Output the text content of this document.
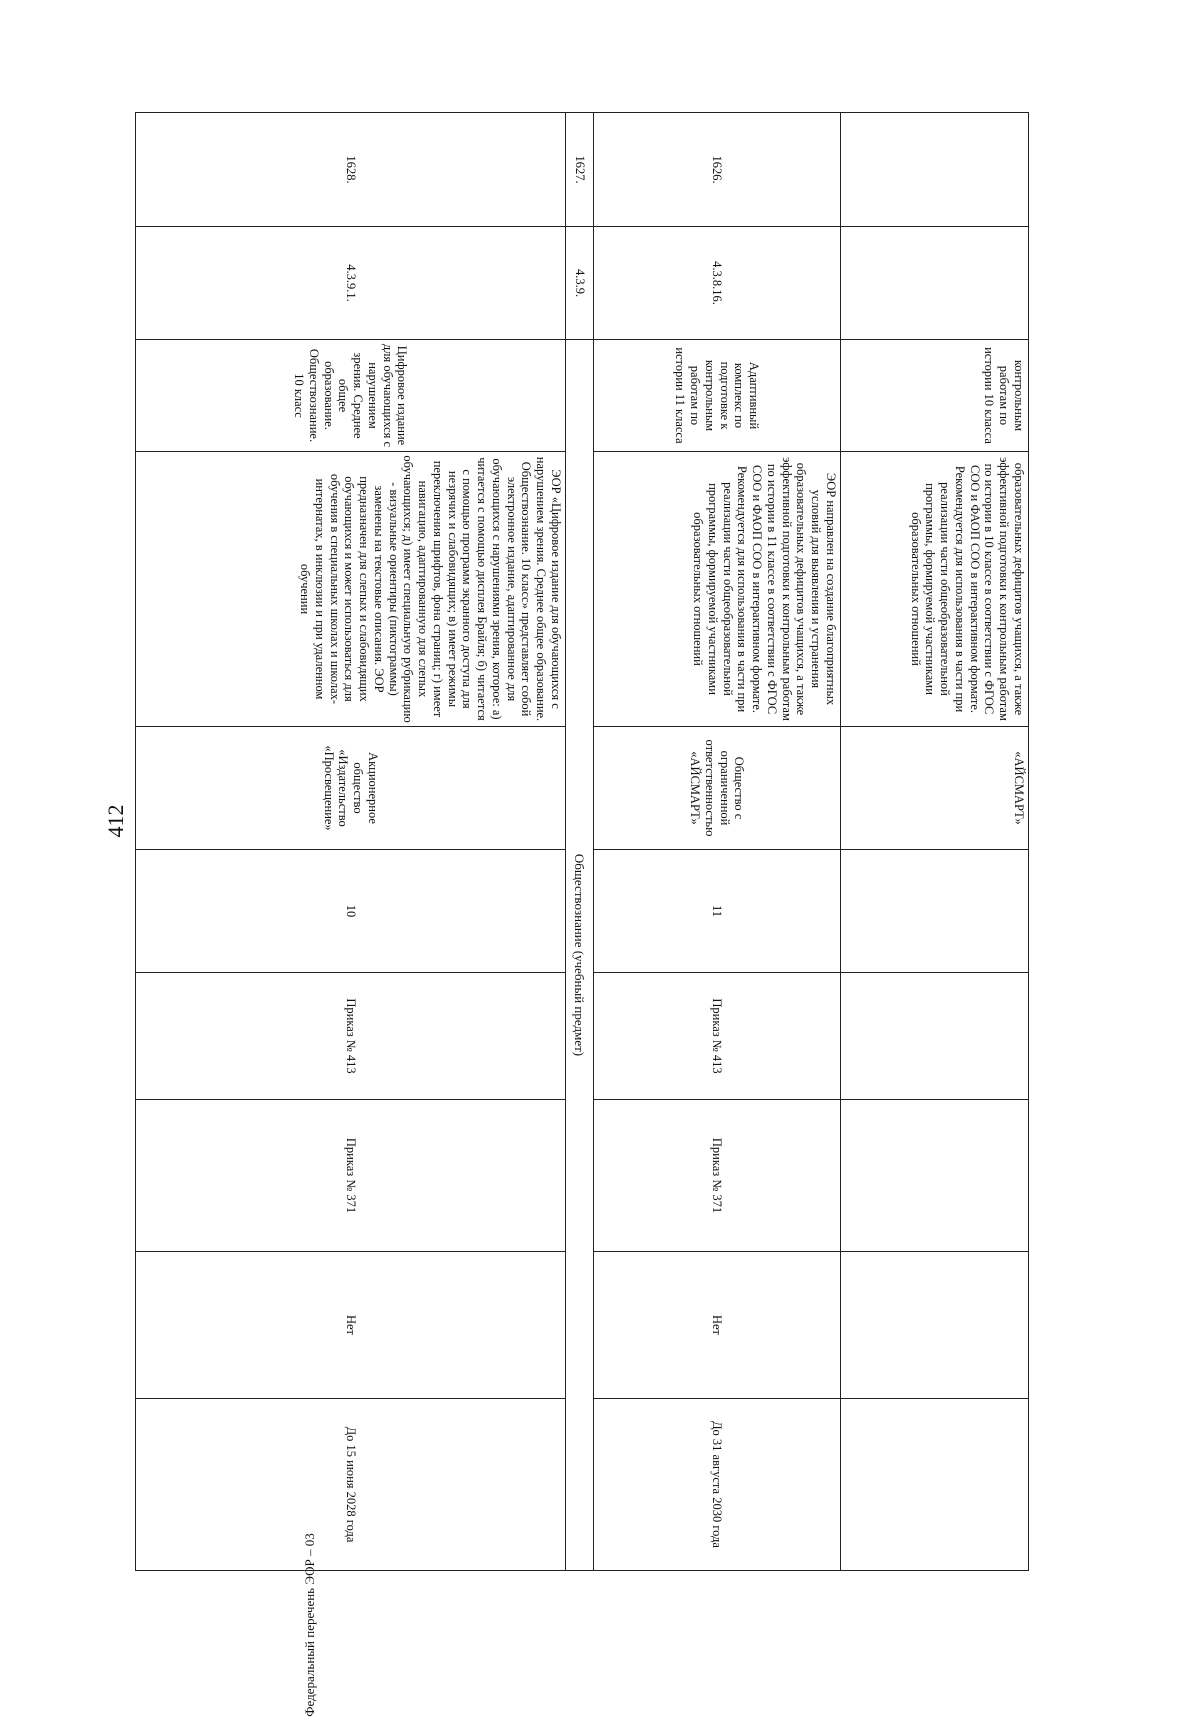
412
Федеральный перечень ЭОР – 03
		контрольным работам по истории 10 класса	образовательных дефицитов учащихся, а также эффективной подготовки к контрольным работам по истории в 10 классе в соответствии с ФГОС СОО и ФАОП СОО в интерактивном формате. Рекомендуется для использования в части при реализации части общеобразовательной программы, формируемой участниками образовательных отношений	«АЙСМАРТ»					
1626.	4.3.8.16.	Адаптивный комплекс по подготовке к контрольным работам по истории 11 класса	ЭОР направлен на создание благоприятных условий для выявления и устранения образовательных дефицитов учащихся, а также эффективной подготовки к контрольным работам по истории в 11 классе в соответствии с ФГОС СОО и ФАОП СОО в интерактивном формате. Рекомендуется для использования в части при реализации части общеобразовательной программы, формируемой участниками образовательных отношений	Общество с ограниченной ответственностью «АЙСМАРТ»	11	Приказ № 413	Приказ № 371	Нет	До 31 августа 2030 года
1627.	4.3.9.	Обществознание (учебный предмет)							
1628.	4.3.9.1.	Цифровое издание для обучающихся с нарушением зрения. Среднее общее образование. Обществознание. 10 класс	ЭОР «Цифровое издание для обучающихся с нарушением зрения. Среднее общее образование. Обществознание. 10 класс» представляет собой электронное издание, адаптированное для обучающихся с нарушениями зрения, которое: а) читается с помощью дисплея Брайля; б) читается с помощью программ экранного доступа для незрячих и слабовидящих; в) имеет режимы переключения шрифтов, фона страниц; г) имеет навигацию, адаптированную для слепых обучающихся; д) имеет специальную рубрикацию - визуальные ориентиры (пиктограммы) заменены на текстовые описания. ЭОР предназначен для слепых и слабовидящих обучающихся и может использоваться для обучения в специальных школах и школах-интернатах, в инклюзии и при удаленном обучении	Акционерное общество «Издательство «Просвещение»	10	Приказ № 413	Приказ № 371	Нет	До 15 июня 2028 года
